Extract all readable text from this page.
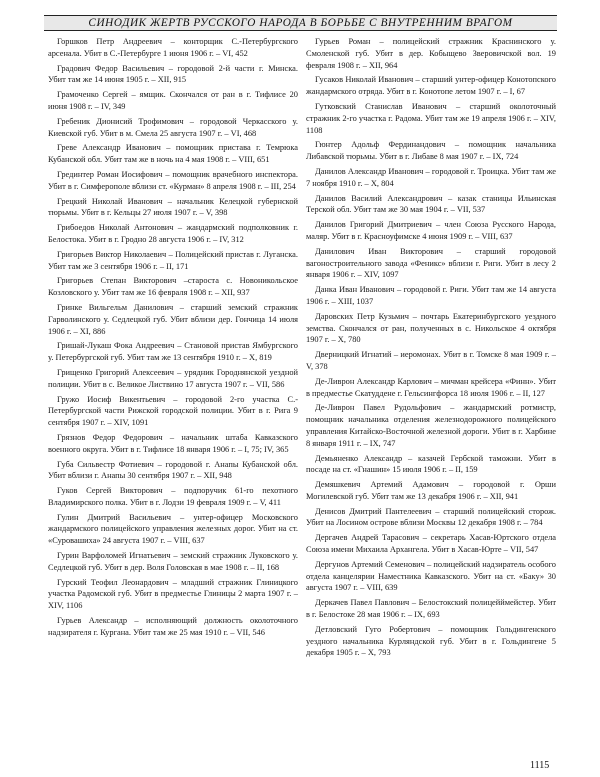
СИНОДИК ЖЕРТВ РУССКОГО НАРОДА В БОРЬБЕ С ВНУТРЕННИМ ВРАГОМ

Горшков Петр Андреевич – конторщик С.-Петербургского арсенала. Убит в С.-Петербурге 1 июня 1906 г. – VI, 452

Градович Федор Васильевич – городовой 2-й части г. Минска. Убит там же 14 июня 1905 г. – XII, 915

Грамоченко Сергей – ямщик. Скончался от ран в г. Тифлисе 20 июня 1908 г. – IV, 349

Гребеник Дионисий Трофимович – городовой Черкасского у. Киевской губ. Убит в м. Смела 25 августа 1907 г. – VI, 468

Греве Александр Иванович – помощник пристава г. Темрюка Кубанской обл. Убит там же в ночь на 4 мая 1908 г. – VIII, 651

Грединтер Роман Иосифович – помощник врачебного инспектора. Убит в г. Симферополе вблизи ст. «Курман» 8 апреля 1908 г. – III, 254

Грецкий Николай Иванович – начальник Келецкой губернской тюрьмы. Убит в г. Кельцы 27 июля 1907 г. – V, 398

Грибоедов Николай Антонович – жандармский подполковник г. Белостока. Убит в г. Гродно 28 августа 1906 г. – IV, 312

Григорьев Виктор Николаевич – Полицейский пристав г. Луганска. Убит там же 3 сентября 1906 г. – II, 171

Григорьев Степан Викторович –староста с. Новоникольское Козловского у. Убит там же 16 февраля 1908 г. – XII, 937

Гринке Вильгельм Данилович – старший земский стражник Гарволинского у. Седлецкой губ. Убит вблизи дер. Гончица 14 июля 1906 г. – XI, 886

Гришай-Лукаш Фока Андреевич – Становой пристав Ямбургского у. Петербургской губ. Убит там же 13 сентября 1910 г. – X, 819

Грищенко Григорий Алексеевич – урядник Городнянской уездной полиции. Убит в с. Великое Листвино 17 августа 1907 г. – VII, 586

Гружо Иосиф Викентьевич – городовой 2-го участка С.-Петербургской части Рижской городской полиции. Убит в г. Рига 9 сентября 1907 г. – XIV, 1091

Грязнов Федор Федорович – начальник штаба Кавказского военного округа. Убит в г. Тифлисе 18 января 1906 г. – I, 75; IV, 365

Губа Сильвестр Фотиевич – городовой г. Анапы Кубанской обл. Убит вблизи г. Анапы 30 сентября 1907 г. – XII, 948

Гуков Сергей Викторович – подпоручик 61-го пехотного Владимирского полка. Убит в г. Лодзи 19 февраля 1909 г. – V, 411

Гулин Дмитрий Васильевич – унтер-офицер Московского жандармского полицейского управления железных дорог. Убит на ст. «Суровашиха» 24 августа 1907 г. – VIII, 637

Гурин Варфоломей Игнатьевич – земский стражник Луковского у. Седлецкой губ. Убит в дер. Воля Головская в мае 1908 г. – II, 168

Гурский Теофил Леонардович – младший стражник Глиницкого участка Радомской губ. Убит в предместье Глиницы 2 марта 1907 г. – XIV, 1106

Гурьев Александр – исполняющий должность околоточного надзирателя г. Кургана. Убит там же 25 мая 1910 г. – VII, 546

Гурьев Роман – полицейский стражник Краснинского у. Смоленской губ. Убит в дер. Кобыщево Зверовичской вол. 19 февраля 1908 г. – XII, 964

Гусаков Николай Иванович – старший унтер-офицер Конотопского жандармского отряда. Убит в г. Конотопе летом 1907 г. – I, 67

Гутковский Станислав Иванович – старший околоточный стражник 2-го участка г. Радома. Убит там же 19 апреля 1906 г. – XIV, 1108

Гюнтер Адольф Фердинандович – помощник начальника Либавской тюрьмы. Убит в г. Либаве 8 мая 1907 г. – IX, 724

Данилов Александр Иванович – городовой г. Троицка. Убит там же 7 ноября 1910 г. – X, 804

Данилов Василий Александрович – казак станицы Ильинская Терской обл. Убит там же 30 мая 1904 г. – VII, 537

Данилов Григорий Дмитриевич – член Союза Русского Народа, маляр. Убит в г. Красноуфимске 4 июня 1909 г. – VIII, 637

Данилович Иван Викторович – старший городовой вагоностроительного завода «Феникс» вблизи г. Риги. Убит в лесу 2 января 1906 г. – XIV, 1097

Данка Иван Иванович – городовой г. Риги. Убит там же 14 августа 1906 г. – XIII, 1037

Даровских Петр Кузьмич – почтарь Екатеринбургского уездного земства. Скончался от ран, полученных в с. Никольское 4 октября 1907 г. – X, 780

Дверницкий Игнатий – иеромонах. Убит в г. Томске 8 мая 1909 г. – V, 378

Де-Ливрон Александр Карлович – мичман крейсера «Финн». Убит в предместье Скатуддене г. Гельсингфорса 18 июля 1906 г. – II, 127

Де-Ливрон Павел Рудольфович – жандармский ротмистр, помощник начальника отделения железнодорожного полицейского управления Китайско-Восточной железной дороги. Убит в г. Харбине 8 января 1911 г. – IX, 747

Демьяненко Александр – казачей Гербской таможни. Убит в посаде на ст. «Гнашин» 15 июля 1906 г. – II, 159

Демяшкевич Артемий Адамович – городовой г. Орши Могилевской губ. Убит там же 13 декабря 1906 г. – XII, 941

Денисов Дмитрий Пантелеевич – старший полицейский сторож. Убит на Лосином острове вблизи Москвы 12 декабря 1908 г. – 784

Дергачев Андрей Тарасович – секретарь Хасав-Юртского отдела Союза имени Михаила Архангела. Убит в Хасав-Юрте – VII, 547

Дергунов Артемий Семенович – полицейский надзиратель особого отдела канцелярии Наместника Кавказского. Убит на ст. «Баку» 30 августа 1907 г. – VIII, 639

Деркачев Павел Павлович – Белостокский полицейймейстер. Убит в г. Белостоке 28 мая 1906 г. – IX, 693

Детловский Гуго Робертович – помощник Гольдингенского уездного начальника Курляндской губ. Убит в г. Гольдингене 5 декабря 1905 г. – X, 793

1115
